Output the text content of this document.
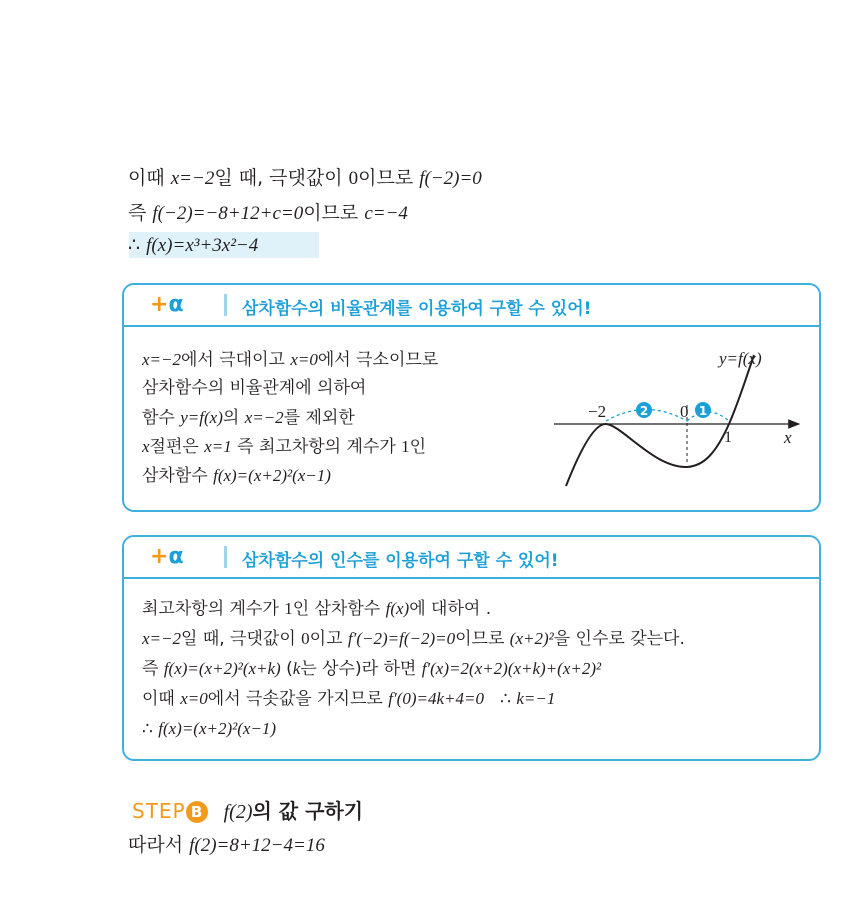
이때 x=−2일 때, 극댓값이 0이므로 f(−2)=0
즉 f(−2)=−8+12+c=0이므로 c=−4
∴ f(x)=x³+3x²−4
+α	삼차함수의 비율관계를 이용하여 구할 수 있어!
x=−2에서 극대이고 x=0에서 극소이므로
삼차함수의 비율관계에 의하여
함수 y=f(x)의 x=−2를 제외한
x절편은 x=1 즉 최고차항의 계수가 1인
삼차함수 f(x)=(x+2)²(x−1)
y=f(x)
−2	0
1	x
2	1
+α	삼차함수의 인수를 이용하여 구할 수 있어!
최고차항의 계수가 1인 삼차함수 f(x)에 대하여 .
x=−2일 때, 극댓값이 0이고 f′(−2)=f(−2)=0이므로 (x+2)²을 인수로 갖는다.
즉 f(x)=(x+2)²(x+k) (k는 상수)라 하면 f′(x)=2(x+2)(x+k)+(x+2)²
이때 x=0에서 극솟값을 가지므로 f′(0)=4k+4=0   ∴ k=−1
∴ f(x)=(x+2)²(x−1)
STEP B f(2)의 값 구하기
따라서 f(2)=8+12−4=16
